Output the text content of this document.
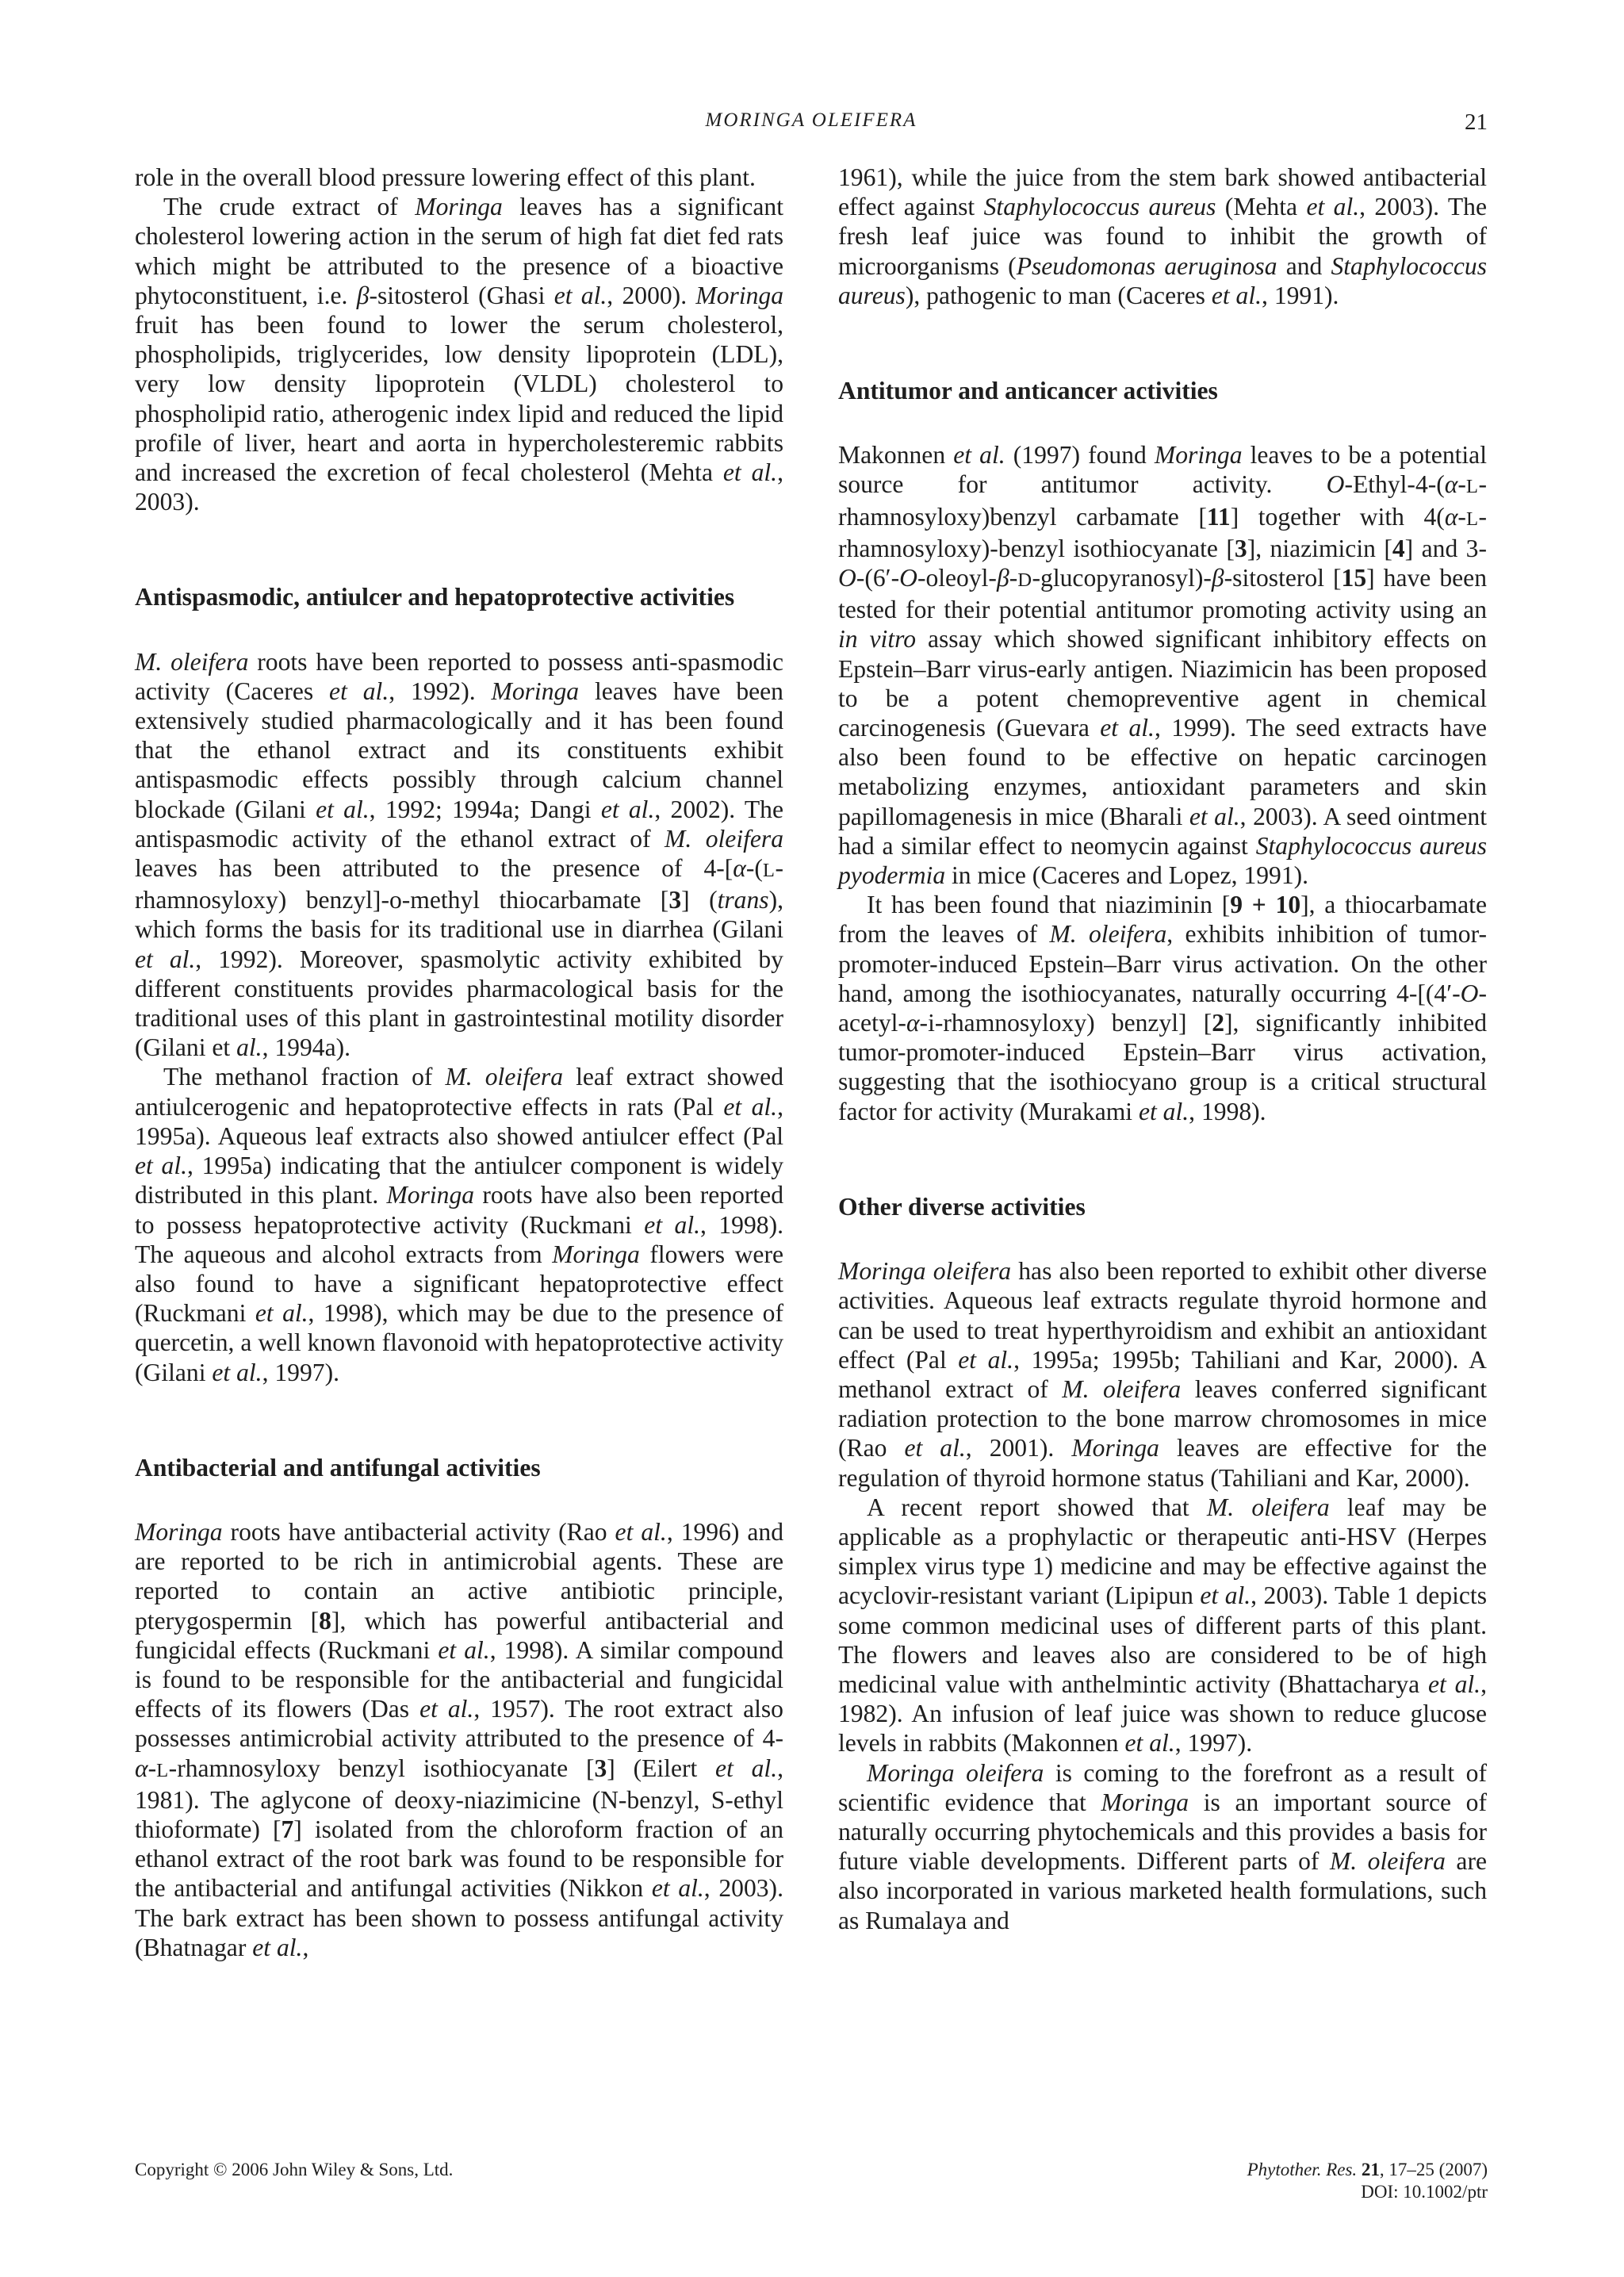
MORINGA OLEIFERA	21

role in the overall blood pressure lowering effect of this plant.

The crude extract of Moringa leaves has a significant cholesterol lowering action in the serum of high fat diet fed rats which might be attributed to the presence of a bioactive phytoconstituent, i.e. β-sitosterol (Ghasi et al., 2000). Moringa fruit has been found to lower the serum cholesterol, phospholipids, triglycerides, low density lipoprotein (LDL), very low density lipoprotein (VLDL) cholesterol to phospholipid ratio, atherogenic index lipid and reduced the lipid profile of liver, heart and aorta in hypercholesteremic rabbits and increased the excretion of fecal cholesterol (Mehta et al., 2003).

Antispasmodic, antiulcer and hepatoprotective activities

M. oleifera roots have been reported to possess anti-spasmodic activity (Caceres et al., 1992). Moringa leaves have been extensively studied pharmacologically and it has been found that the ethanol extract and its constituents exhibit antispasmodic effects possibly through calcium channel blockade (Gilani et al., 1992; 1994a; Dangi et al., 2002). The antispasmodic activity of the ethanol extract of M. oleifera leaves has been attributed to the presence of 4-[α-(L-rhamnosyloxy) benzyl]-o-methyl thiocarbamate [3] (trans), which forms the basis for its traditional use in diarrhea (Gilani et al., 1992). Moreover, spasmolytic activity exhibited by different constituents provides pharmacological basis for the traditional uses of this plant in gastrointestinal motility disorder (Gilani et al., 1994a).

The methanol fraction of M. oleifera leaf extract showed antiulcerogenic and hepatoprotective effects in rats (Pal et al., 1995a). Aqueous leaf extracts also showed antiulcer effect (Pal et al., 1995a) indicating that the antiulcer component is widely distributed in this plant. Moringa roots have also been reported to possess hepatoprotective activity (Ruckmani et al., 1998). The aqueous and alcohol extracts from Moringa flowers were also found to have a significant hepatoprotective effect (Ruckmani et al., 1998), which may be due to the presence of quercetin, a well known flavonoid with hepatoprotective activity (Gilani et al., 1997).

Antibacterial and antifungal activities

Moringa roots have antibacterial activity (Rao et al., 1996) and are reported to be rich in antimicrobial agents. These are reported to contain an active antibiotic principle, pterygospermin [8], which has powerful antibacterial and fungicidal effects (Ruckmani et al., 1998). A similar compound is found to be responsible for the antibacterial and fungicidal effects of its flowers (Das et al., 1957). The root extract also possesses antimicrobial activity attributed to the presence of 4-α-L-rhamnosyloxy benzyl isothiocyanate [3] (Eilert et al., 1981). The aglycone of deoxy-niazimicine (N-benzyl, S-ethyl thioformate) [7] isolated from the chloroform fraction of an ethanol extract of the root bark was found to be responsible for the antibacterial and antifungal activities (Nikkon et al., 2003). The bark extract has been shown to possess antifungal activity (Bhatnagar et al.,

1961), while the juice from the stem bark showed antibacterial effect against Staphylococcus aureus (Mehta et al., 2003). The fresh leaf juice was found to inhibit the growth of microorganisms (Pseudomonas aeruginosa and Staphylococcus aureus), pathogenic to man (Caceres et al., 1991).

Antitumor and anticancer activities

Makonnen et al. (1997) found Moringa leaves to be a potential source for antitumor activity. O-Ethyl-4-(α-L-rhamnosyloxy)benzyl carbamate [11] together with 4(α-L-rhamnosyloxy)-benzyl isothiocyanate [3], niazimicin [4] and 3-O-(6′-O-oleoyl-β-D-glucopyranosyl)-β-sitosterol [15] have been tested for their potential antitumor promoting activity using an in vitro assay which showed significant inhibitory effects on Epstein–Barr virus-early antigen. Niazimicin has been proposed to be a potent chemopreventive agent in chemical carcinogenesis (Guevara et al., 1999). The seed extracts have also been found to be effective on hepatic carcinogen metabolizing enzymes, antioxidant parameters and skin papillomagenesis in mice (Bharali et al., 2003). A seed ointment had a similar effect to neomycin against Staphylococcus aureus pyodermia in mice (Caceres and Lopez, 1991).

It has been found that niaziminin [9 + 10], a thiocarbamate from the leaves of M. oleifera, exhibits inhibition of tumor-promoter-induced Epstein–Barr virus activation. On the other hand, among the isothiocyanates, naturally occurring 4-[(4′-O-acetyl-α-i-rhamnosyloxy) benzyl] [2], significantly inhibited tumor-promoter-induced Epstein–Barr virus activation, suggesting that the isothiocyano group is a critical structural factor for activity (Murakami et al., 1998).

Other diverse activities

Moringa oleifera has also been reported to exhibit other diverse activities. Aqueous leaf extracts regulate thyroid hormone and can be used to treat hyperthyroidism and exhibit an antioxidant effect (Pal et al., 1995a; 1995b; Tahiliani and Kar, 2000). A methanol extract of M. oleifera leaves conferred significant radiation protection to the bone marrow chromosomes in mice (Rao et al., 2001). Moringa leaves are effective for the regulation of thyroid hormone status (Tahiliani and Kar, 2000).

A recent report showed that M. oleifera leaf may be applicable as a prophylactic or therapeutic anti-HSV (Herpes simplex virus type 1) medicine and may be effective against the acyclovir-resistant variant (Lipipun et al., 2003). Table 1 depicts some common medicinal uses of different parts of this plant. The flowers and leaves also are considered to be of high medicinal value with anthelmintic activity (Bhattacharya et al., 1982). An infusion of leaf juice was shown to reduce glucose levels in rabbits (Makonnen et al., 1997).

Moringa oleifera is coming to the forefront as a result of scientific evidence that Moringa is an important source of naturally occurring phytochemicals and this provides a basis for future viable developments. Different parts of M. oleifera are also incorporated in various marketed health formulations, such as Rumalaya and

Copyright © 2006 John Wiley & Sons, Ltd.	Phytother. Res. 21, 17–25 (2007)
DOI: 10.1002/ptr
